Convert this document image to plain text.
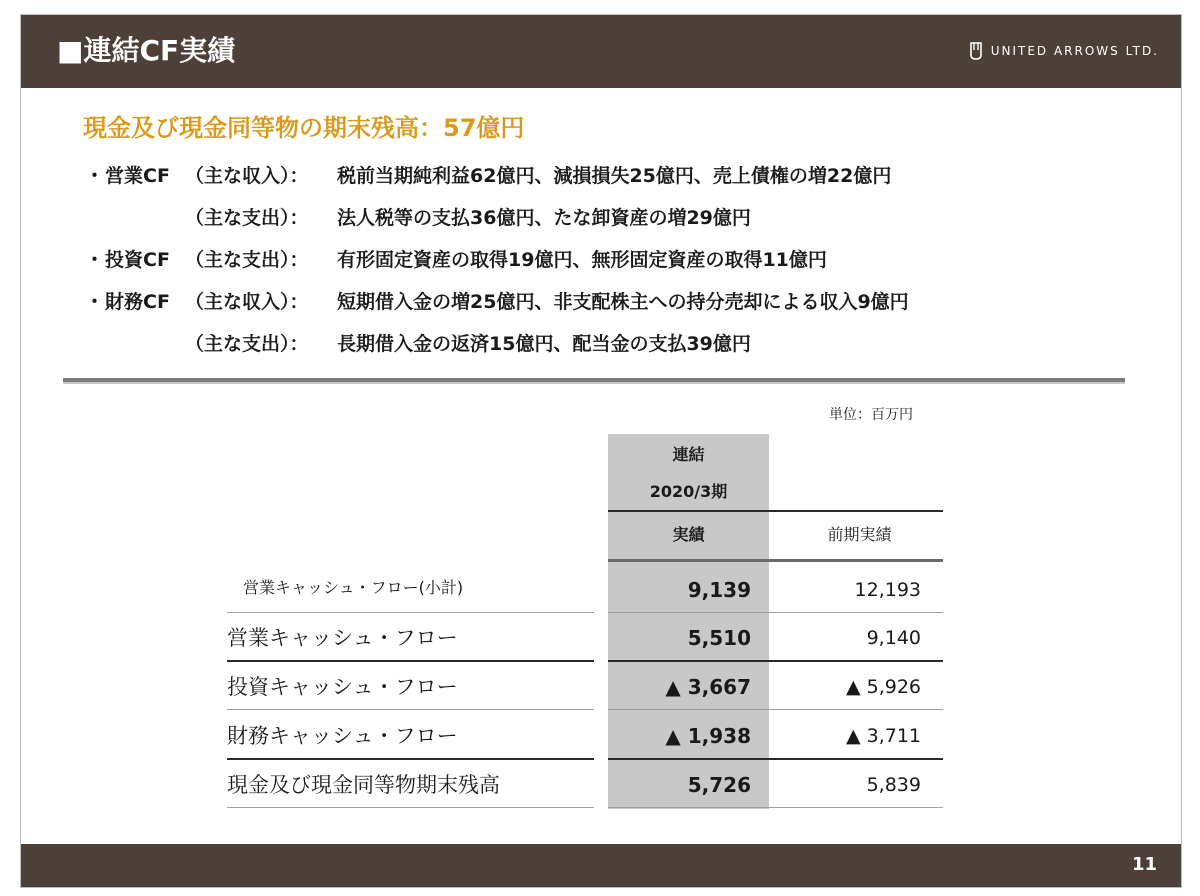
■連結CF実績	UNITED ARROWS LTD.
現金及び現金同等物の期末残高：57億円
・ 営業CF （主な収入）：	税前当期純利益62億円、減損損失25億円、売上債権の増22億円
（主な支出）：	法人税等の支払36億円、たな卸資産の増29億円
・ 投資CF （主な支出）：	有形固定資産の取得19億円、無形固定資産の取得11億円
・ 財務CF （主な収入）：	短期借入金の増25億円、非支配株主への持分売却による収入9億円
（主な支出）：	長期借入金の返済15億円、配当金の支払39億円
単位：百万円
連結
2020/3期
実績	前期実績
営業キャッシュ・フロー(小計)	9,139	12,193
営業キャッシュ・フロー	5,510	9,140
投資キャッシュ・フロー	▲ 3,667	▲ 5,926
財務キャッシュ・フロー	▲ 1,938	▲ 3,711
現金及び現金同等物期末残高	5,726	5,839
11
